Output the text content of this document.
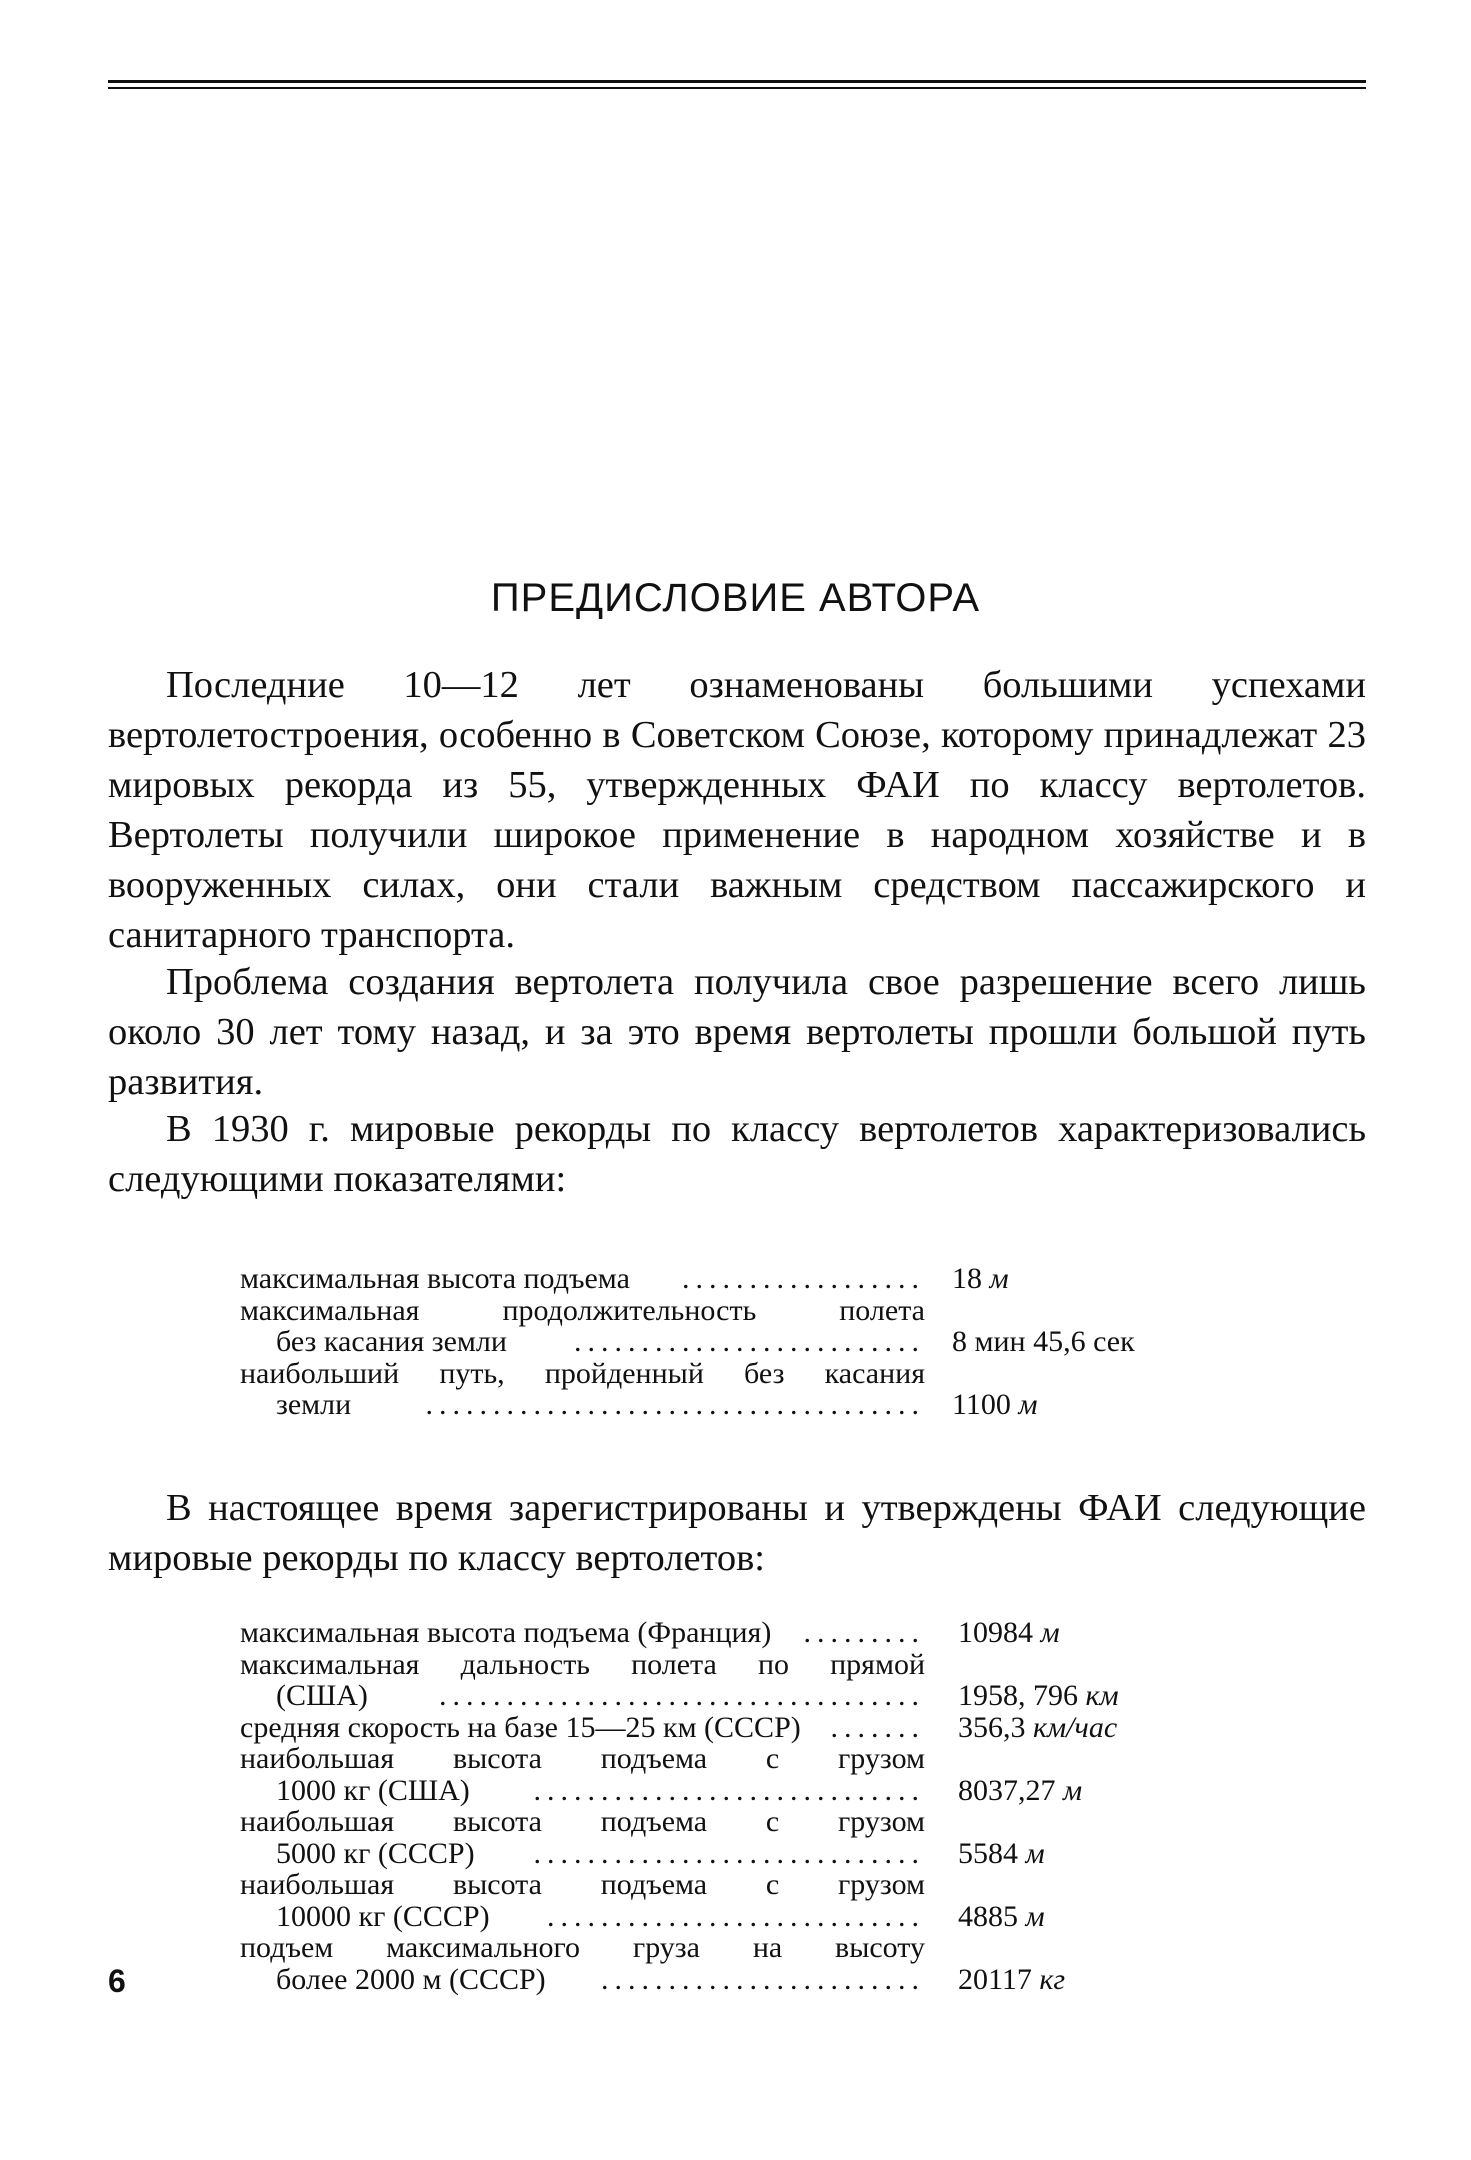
ПРЕДИСЛОВИЕ АВТОРА

Последние 10—12 лет ознаменованы большими успехами вертолетостроения, особенно в Советском Союзе, которому принадлежат 23 мировых рекорда из 55, утвержденных ФАИ по классу вертолетов. Вертолеты получили широкое применение в народном хозяйстве и в вооруженных силах, они стали важным средством пассажирского и санитарного транспорта.

Проблема создания вертолета получила свое разрешение всего лишь около 30 лет тому назад, и за это время вертолеты прошли большой путь развития.

В 1930 г. мировые рекорды по классу вертолетов характеризовались следующими показателями:

максимальная высота подъема	.................. 18 м
максимальная продолжительность полета
без касания земли	.......................... 8 мин 45,6 сек
наибольший путь, пройденный без касания
земли	..................................... 1100 м

В настоящее время зарегистрированы и утверждены ФАИ следующие мировые рекорды по классу вертолетов:

максимальная высота подъема (Франция)	......... 10984 м
максимальная дальность полета по прямой
(США)	.................................... 1958, 796 км
средняя скорость на базе 15—25 км (СССР) ....... 356,3 км/час
наибольшая высота подъема с грузом
1000 кг (США)	............................. 8037,27 м
наибольшая высота подъема с грузом
5000 кг (СССР)	............................. 5584 м
наибольшая высота подъема с грузом
10000 кг (СССР)	............................ 4885 м
подъем максимального груза на высоту
более 2000 м (СССР)	........................ 20117 кг
6
